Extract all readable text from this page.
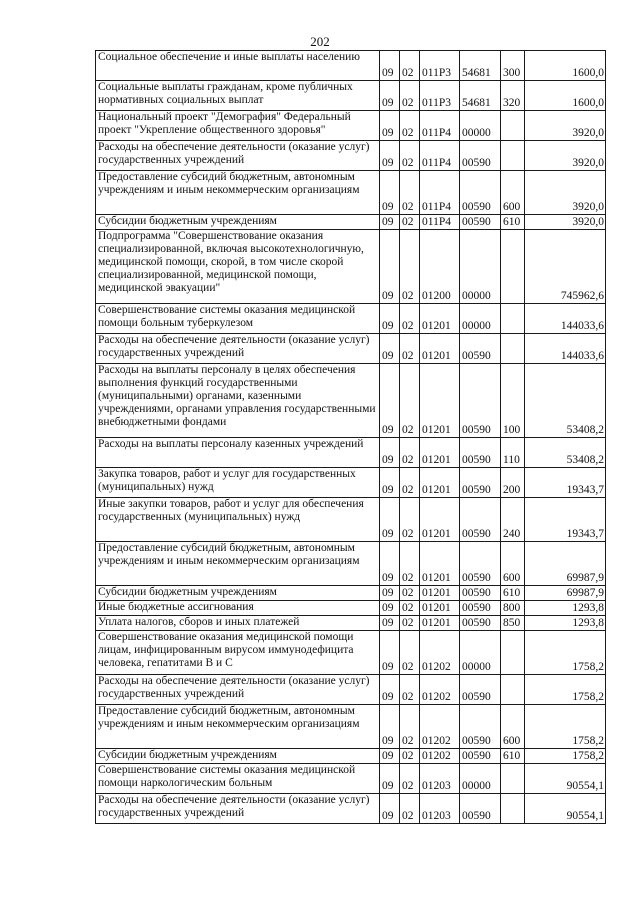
202
Социальное обеспечение и иные выплаты населению	09	02	011Р3	54681	300	1600,0
Социальные выплаты гражданам, кроме публичных нормативных социальных выплат	09	02	011Р3	54681	320	1600,0
Национальный проект "Демография" Федеральный проект "Укрепление общественного здоровья"	09	02	011Р4	00000		3920,0
Расходы на обеспечение деятельности (оказание услуг) государственных учреждений	09	02	011Р4	00590		3920,0
Предоставление субсидий бюджетным, автономным учреждениям и иным некоммерческим организациям	09	02	011Р4	00590	600	3920,0
Субсидии бюджетным учреждениям	09	02	011Р4	00590	610	3920,0
Подпрограмма "Совершенствование оказания специализированной, включая высокотехнологичную, медицинской помощи, скорой, в том числе скорой специализированной, медицинской помощи, медицинской эвакуации"	09	02	01200	00000		745962,6
Совершенствование системы оказания медицинской помощи больным туберкулезом	09	02	01201	00000		144033,6
Расходы на обеспечение деятельности (оказание услуг) государственных учреждений	09	02	01201	00590		144033,6
Расходы на выплаты персоналу в целях обеспечения выполнения функций государственными (муниципальными) органами, казенными учреждениями, органами управления государственными внебюджетными фондами	09	02	01201	00590	100	53408,2
Расходы на выплаты персоналу казенных учреждений	09	02	01201	00590	110	53408,2
Закупка товаров, работ и услуг для государственных (муниципальных) нужд	09	02	01201	00590	200	19343,7
Иные закупки товаров, работ и услуг для обеспечения государственных (муниципальных) нужд	09	02	01201	00590	240	19343,7
Предоставление субсидий бюджетным, автономным учреждениям и иным некоммерческим организациям	09	02	01201	00590	600	69987,9
Субсидии бюджетным учреждениям	09	02	01201	00590	610	69987,9
Иные бюджетные ассигнования	09	02	01201	00590	800	1293,8
Уплата налогов, сборов и иных платежей	09	02	01201	00590	850	1293,8
Совершенствование оказания медицинской помощи лицам, инфицированным вирусом иммунодефицита человека, гепатитами В и С	09	02	01202	00000		1758,2
Расходы на обеспечение деятельности (оказание услуг) государственных учреждений	09	02	01202	00590		1758,2
Предоставление субсидий бюджетным, автономным учреждениям и иным некоммерческим организациям	09	02	01202	00590	600	1758,2
Субсидии бюджетным учреждениям	09	02	01202	00590	610	1758,2
Совершенствование системы оказания медицинской помощи наркологическим больным	09	02	01203	00000		90554,1
Расходы на обеспечение деятельности (оказание услуг) государственных учреждений	09	02	01203	00590		90554,1
